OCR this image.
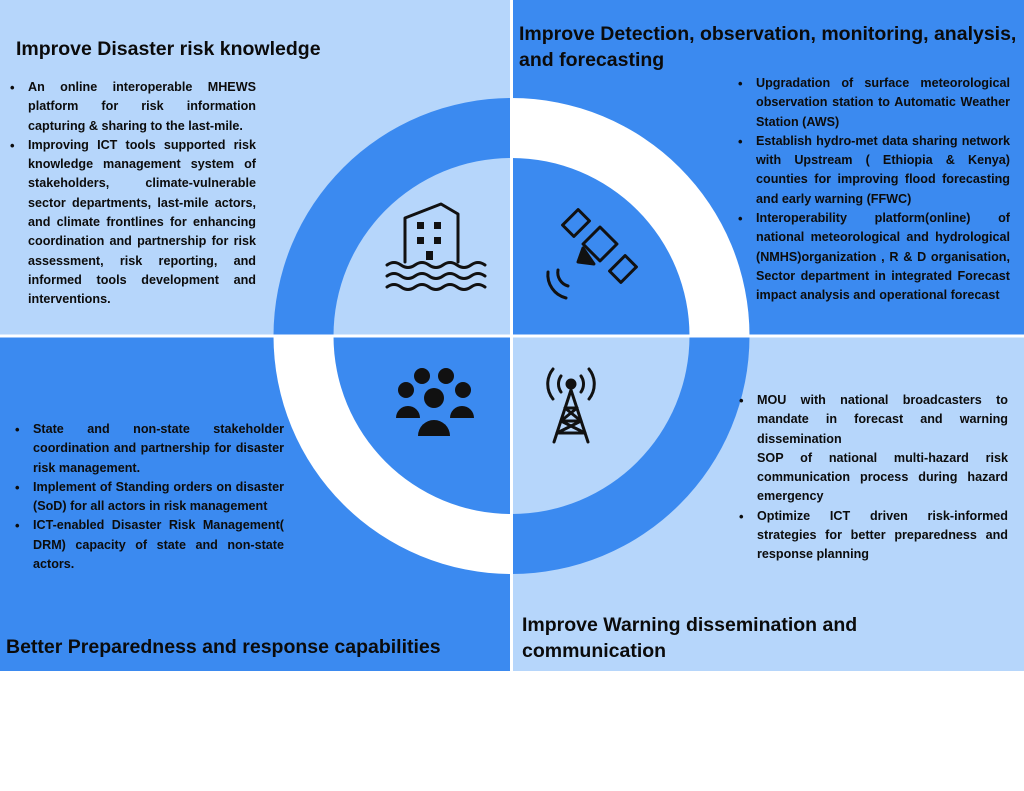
Improve Disaster risk knowledge
• An online interoperable MHEWS platform for risk information capturing & sharing to the last-mile.
• Improving ICT tools supported risk knowledge management system of stakeholders, climate-vulnerable sector departments, last-mile actors, and climate frontlines for enhancing coordination and partnership for risk assessment, risk reporting, and informed tools development and interventions.
Improve Detection, observation, monitoring, analysis, and forecasting
• Upgradation of surface meteorological observation station to Automatic Weather Station (AWS)
• Establish hydro-met data sharing network with Upstream ( Ethiopia & Kenya) counties for improving flood forecasting and early warning (FFWC)
• Interoperability platform(online) of national meteorological and hydrological (NMHS)organization , R & D organisation, Sector department in integrated Forecast impact analysis and operational forecast
• State and non-state stakeholder coordination and partnership for disaster risk management.
• Implement of Standing orders on disaster (SoD) for all actors in risk management
• ICT-enabled Disaster Risk Management( DRM) capacity of state and non-state actors.
Better Preparedness and response capabilities
• MOU with national broadcasters to mandate in forecast and warning dissemination
SOP of national multi-hazard risk communication process during hazard emergency
• Optimize ICT driven risk-informed strategies for better preparedness and response planning
Improve Warning dissemination and communication
